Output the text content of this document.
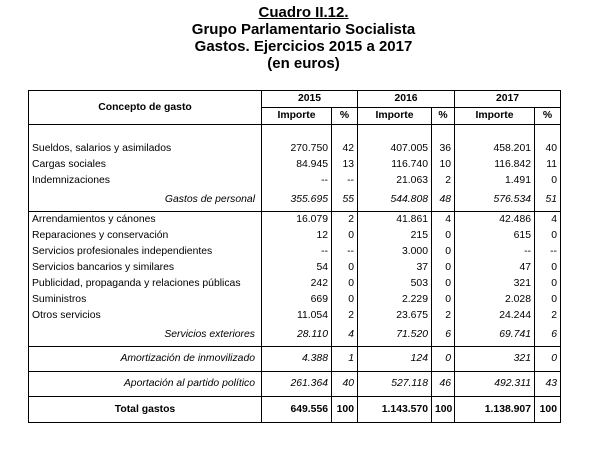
Cuadro II.12.
Grupo Parlamentario Socialista
Gastos. Ejercicios 2015 a 2017
(en euros)
Concepto de gasto	2015		2016		2017	
	Importe	%	Importe	%	Importe	%

Sueldos, salarios y asimilados	270.750	42	407.005	36	458.201	40
Cargas sociales	84.945	13	116.740	10	116.842	11
Indemnizaciones	--	--	21.063	2	1.491	0
Gastos de personal	355.695	55	544.808	48	576.534	51
Arrendamientos y cánones	16.079	2	41.861	4	42.486	4
Reparaciones y conservación	12	0	215	0	615	0
Servicios profesionales independientes	--	--	3.000	0	--	--
Servicios bancarios y similares	54	0	37	0	47	0
Publicidad, propaganda y relaciones públicas	242	0	503	0	321	0
Suministros	669	0	2.229	0	2.028	0
Otros servicios	11.054	2	23.675	2	24.244	2
Servicios exteriores	28.110	4	71.520	6	69.741	6
Amortización de inmovilizado	4.388	1	124	0	321	0
Aportación al partido político	261.364	40	527.118	46	492.311	43
Total gastos	649.556	100	1.143.570	100	1.138.907	100
